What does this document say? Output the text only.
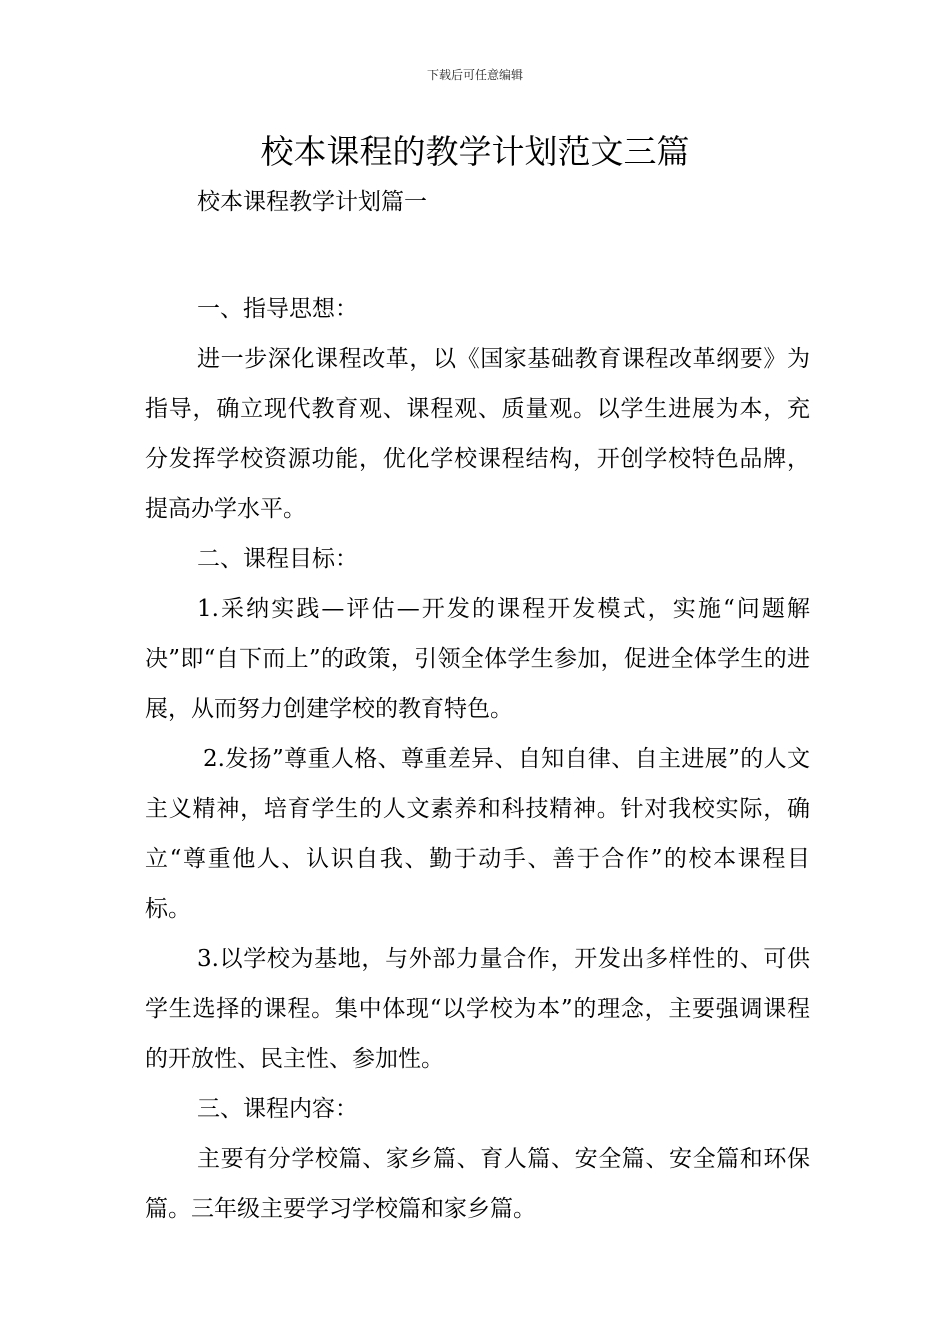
下载后可任意编辑
校本课程的教学计划范文三篇

校本课程教学计划篇一

一、指导思想：

进一步深化课程改革，以《国家基础教育课程改革纲要》为指导，确立现代教育观、课程观、质量观。以学生进展为本，充分发挥学校资源功能，优化学校课程结构，开创学校特色品牌，提高办学水平。

二、课程目标：

1.采纳实践—评估—开发的课程开发模式，实施“问题解决”即“自下而上”的政策，引领全体学生参加，促进全体学生的进展，从而努力创建学校的教育特色。

2.发扬”尊重人格、尊重差异、自知自律、自主进展”的人文主义精神，培育学生的人文素养和科技精神。针对我校实际，确立“尊重他人、认识自我、勤于动手、善于合作”的校本课程目标。

3.以学校为基地，与外部力量合作，开发出多样性的、可供学生选择的课程。集中体现“以学校为本”的理念，主要强调课程的开放性、民主性、参加性。

三、课程内容：

主要有分学校篇、家乡篇、育人篇、安全篇、安全篇和环保篇。三年级主要学习学校篇和家乡篇。
